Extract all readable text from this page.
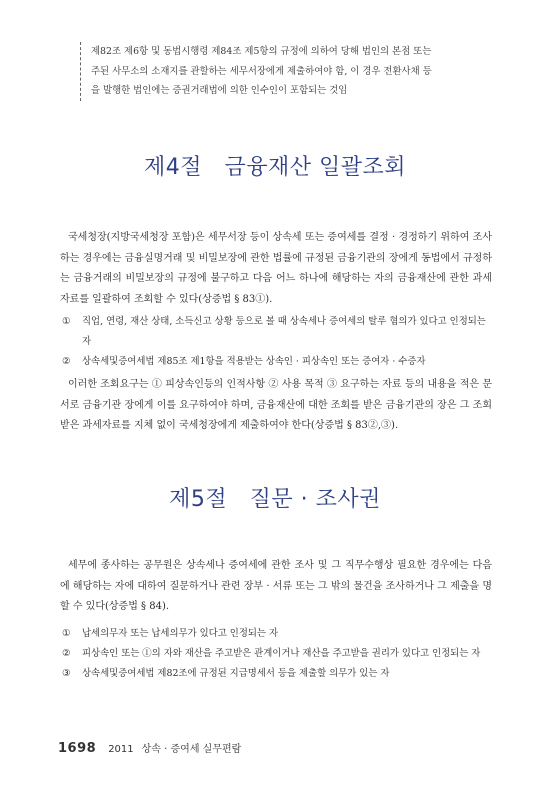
제82조 제6항 및 동법시행령 제84조 제5항의 규정에 의하여 당해 법인의 본점 또는

주된 사무소의 소재지를 관할하는 세무서장에게 제출하여야 함, 이 경우 전환사채 등

을 발행한 법인에는 증권거래법에 의한 인수인이 포함되는 것임

제4절   금융재산 일괄조회

국세청장(지방국세청장 포함)은 세무서장 등이 상속세 또는 증여세를 결정 · 경정하기 위하여 조사하는 경우에는 금융실명거래 및 비밀보장에 관한 법률에 규정된 금융기관의 장에게 동법에서 규정하는 금융거래의 비밀보장의 규정에 불구하고 다음 어느 하나에 해당하는 자의 금융재산에 관한 과세자료를 일괄하여 조회할 수 있다(상증법 § 83①).

① 직업, 연령, 재산 상태, 소득신고 상황 등으로 볼 때 상속세나 증여세의 탈루 혐의가 있다고 인정되는 자
② 상속세및증여세법 제85조 제1항을 적용받는 상속인 · 피상속인 또는 증여자 · 수증자

이러한 조회요구는 ① 피상속인등의 인적사항 ② 사용 목적 ③ 요구하는 자료 등의 내용을 적은 문서로 금융기관 장에게 이를 요구하여야 하며, 금융재산에 대한 조회를 받은 금융기관의 장은 그 조회받은 과세자료를 지체 없이 국세청장에게 제출하여야 한다(상증법 § 83②,③).

제5절   질문 · 조사권

세무에 종사하는 공무원은 상속세나 증여세에 관한 조사 및 그 직무수행상 필요한 경우에는 다음에 해당하는 자에 대하여 질문하거나 관련 장부 · 서류 또는 그 밖의 물건을 조사하거나 그 제출을 명할 수 있다(상증법 § 84).

① 납세의무자 또는 납세의무가 있다고 인정되는 자
② 피상속인 또는 ①의 자와 재산을 주고받은 관계이거나 재산을 주고받을 권리가 있다고 인정되는 자
③ 상속세및증여세법 제82조에 규정된 지급명세서 등을 제출할 의무가 있는 자
1698 2011 상속 · 증여세 실무편람
